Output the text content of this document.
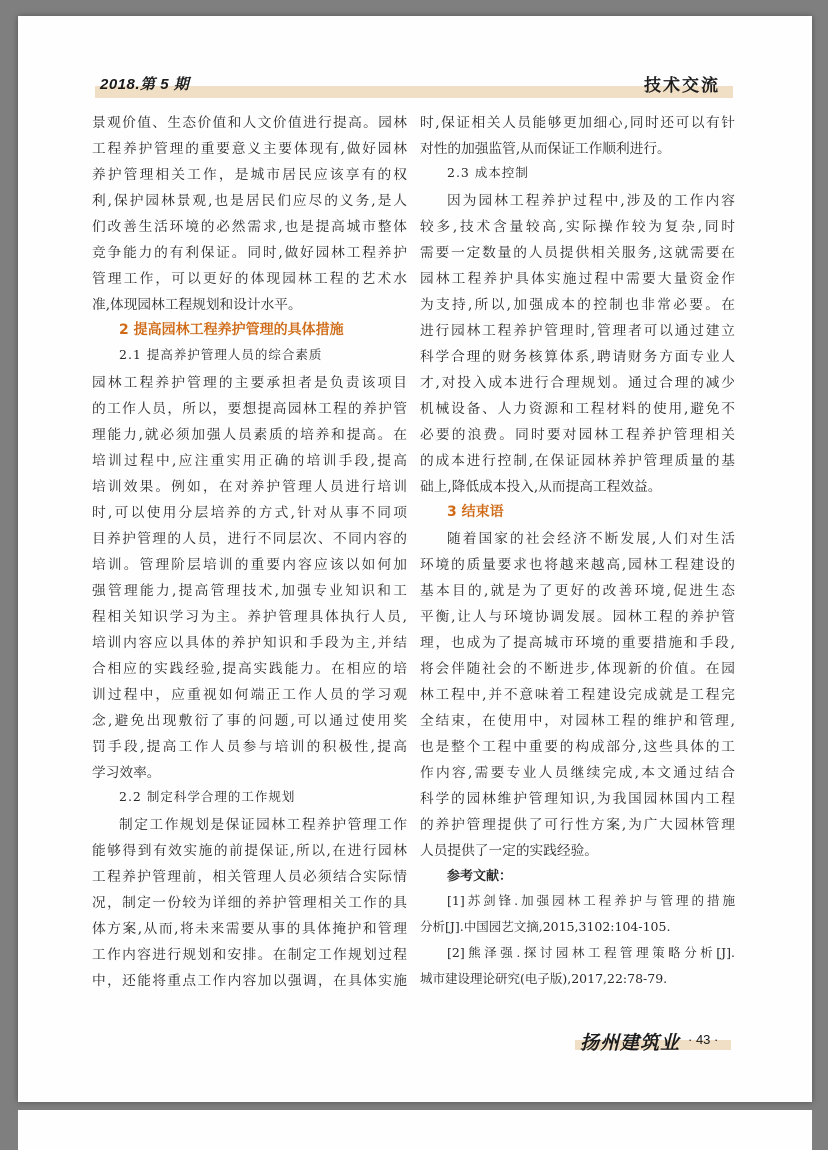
2018.第 5 期	技术交流
景观价值、生态价值和人文价值进行提高。园林
工程养护管理的重要意义主要体现有,做好园林
养护管理相关工作，是城市居民应该享有的权
利,保护园林景观,也是居民们应尽的义务,是人
们改善生活环境的必然需求,也是提高城市整体
竞争能力的有利保证。同时,做好园林工程养护
管理工作，可以更好的体现园林工程的艺术水
准,体现园林工程规划和设计水平。
2 提高园林工程养护管理的具体措施
2.1 提高养护管理人员的综合素质
园林工程养护管理的主要承担者是负责该项目
的工作人员，所以，要想提高园林工程的养护管
理能力,就必须加强人员素质的培养和提高。在
培训过程中,应注重实用正确的培训手段,提高
培训效果。例如，在对养护管理人员进行培训
时,可以使用分层培养的方式,针对从事不同项
目养护管理的人员，进行不同层次、不同内容的
培训。管理阶层培训的重要内容应该以如何加
强管理能力,提高管理技术,加强专业知识和工
程相关知识学习为主。养护管理具体执行人员,
培训内容应以具体的养护知识和手段为主,并结
合相应的实践经验,提高实践能力。在相应的培
训过程中，应重视如何端正工作人员的学习观
念,避免出现敷衍了事的问题,可以通过使用奖
罚手段,提高工作人员参与培训的积极性,提高
学习效率。
2.2 制定科学合理的工作规划
制定工作规划是保证园林工程养护管理工作
能够得到有效实施的前提保证,所以,在进行园林
工程养护管理前，相关管理人员必须结合实际情
况，制定一份较为详细的养护管理相关工作的具
体方案,从而,将未来需要从事的具体掩护和管理
工作内容进行规划和安排。在制定工作规划过程
中，还能将重点工作内容加以强调，在具体实施
时,保证相关人员能够更加细心,同时还可以有针
对性的加强监管,从而保证工作顺利进行。
2.3 成本控制
因为园林工程养护过程中,涉及的工作内容
较多,技术含量较高,实际操作较为复杂,同时
需要一定数量的人员提供相关服务,这就需要在
园林工程养护具体实施过程中需要大量资金作
为支持,所以,加强成本的控制也非常必要。在
进行园林工程养护管理时,管理者可以通过建立
科学合理的财务核算体系,聘请财务方面专业人
才,对投入成本进行合理规划。通过合理的减少
机械设备、人力资源和工程材料的使用,避免不
必要的浪费。同时要对园林工程养护管理相关
的成本进行控制,在保证园林养护管理质量的基
础上,降低成本投入,从而提高工程效益。
3 结束语
随着国家的社会经济不断发展,人们对生活
环境的质量要求也将越来越高,园林工程建设的
基本目的,就是为了更好的改善环境,促进生态
平衡,让人与环境协调发展。园林工程的养护管
理，也成为了提高城市环境的重要措施和手段,
将会伴随社会的不断进步,体现新的价值。在园
林工程中,并不意味着工程建设完成就是工程完
全结束，在使用中，对园林工程的维护和管理,
也是整个工程中重要的构成部分,这些具体的工
作内容,需要专业人员继续完成,本文通过结合
科学的园林维护管理知识,为我国园林国内工程
的养护管理提供了可行性方案,为广大园林管理
人员提供了一定的实践经验。
参考文献：
[1]苏剑锋.加强园林工程养护与管理的措施
分析[J].中国园艺文摘,2015,3102:104-105.
[2]熊泽强.探讨园林工程管理策略分析[J].
城市建设理论研究(电子版),2017,22:78-79.
扬州建筑业 · 43 ·
